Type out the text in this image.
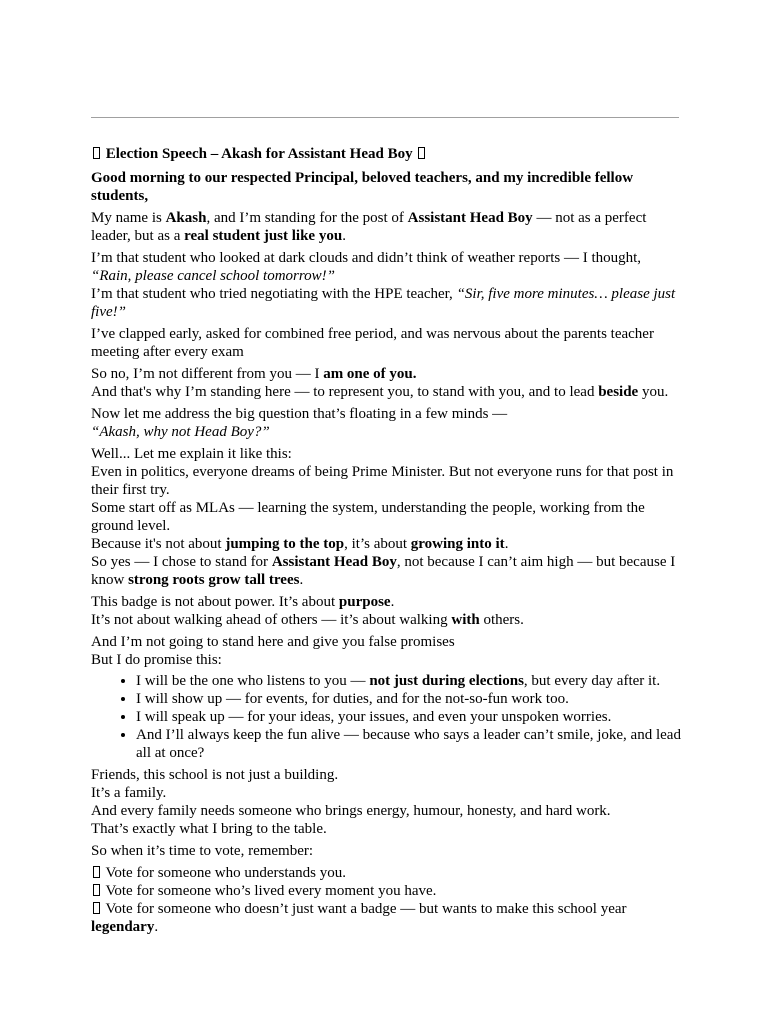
Election Speech – Akash for Assistant Head Boy

Good morning to our respected Principal, beloved teachers, and my incredible fellow students,

My name is Akash, and I’m standing for the post of Assistant Head Boy — not as a perfect leader, but as a real student just like you.

I’m that student who looked at dark clouds and didn’t think of weather reports — I thought,
“Rain, please cancel school tomorrow!”

I’m that student who tried negotiating with the HPE teacher, “Sir, five more minutes… please just five!”

I’ve clapped early, asked for combined free period, and was nervous about the parents teacher meeting after every exam

So no, I’m not different from you — I am one of you.
And that's why I’m standing here — to represent you, to stand with you, and to lead beside you.

Now let me address the big question that’s floating in a few minds —
“Akash, why not Head Boy?”

Well... Let me explain it like this:

Even in politics, everyone dreams of being Prime Minister. But not everyone runs for that post in their first try.
Some start off as MLAs — learning the system, understanding the people, working from the ground level.
Because it's not about jumping to the top, it’s about growing into it.
So yes — I chose to stand for Assistant Head Boy, not because I can’t aim high — but because I know strong roots grow tall trees.

This badge is not about power. It’s about purpose.
It’s not about walking ahead of others — it’s about walking with others.

And I’m not going to stand here and give you false promises

But I do promise this:

• I will be the one who listens to you — not just during elections, but every day after it.
• I will show up — for events, for duties, and for the not-so-fun work too.
• I will speak up — for your ideas, your issues, and even your unspoken worries.
• And I’ll always keep the fun alive — because who says a leader can’t smile, joke, and lead all at once?

Friends, this school is not just a building.
It’s a family.
And every family needs someone who brings energy, humour, honesty, and hard work.
That’s exactly what I bring to the table.

So when it’s time to vote, remember:

Vote for someone who understands you.
Vote for someone who’s lived every moment you have.
Vote for someone who doesn’t just want a badge — but wants to make this school year legendary.
